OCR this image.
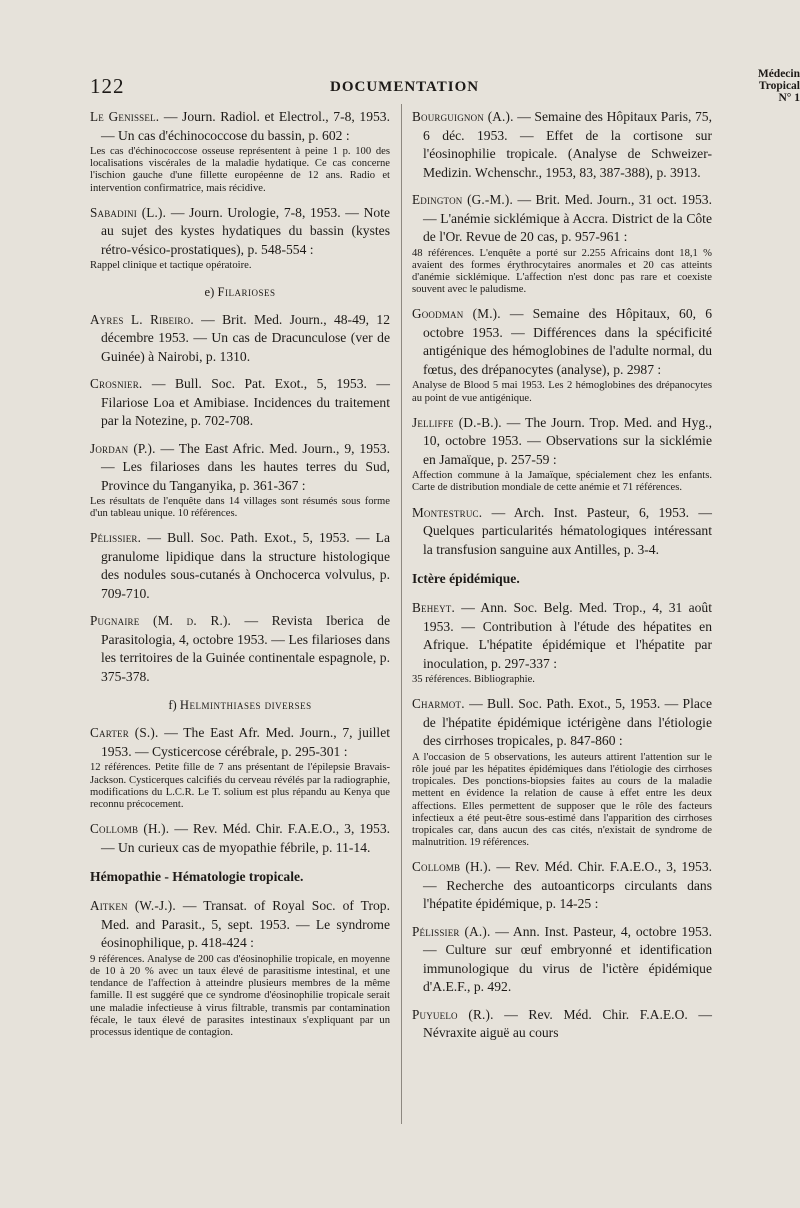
122	DOCUMENTATION
Médecin
Tropical
N° 1
Le Genissel. — Journ. Radiol. et Electrol., 7-8, 1953. — Un cas d'échinococcose du bassin, p. 602 :
Les cas d'échinococcose osseuse représentent à peine 1 p. 100 des localisations viscérales de la maladie hydatique. Ce cas concerne l'ischion gauche d'une fillette européenne de 12 ans. Radio et intervention confirmatrice, mais récidive.
Sabadini (L.). — Journ. Urologie, 7-8, 1953. — Note au sujet des kystes hydatiques du bassin (kystes rétro-vésico-prostatiques), p. 548-554 :
Rappel clinique et tactique opératoire.
e) Filarioses
Ayres L. Ribeiro. — Brit. Med. Journ., 48-49, 12 décembre 1953. — Un cas de Dracunculose (ver de Guinée) à Nairobi, p. 1310.
Crosnier. — Bull. Soc. Pat. Exot., 5, 1953. — Filariose Loa et Amibiase. Incidences du traitement par la Notezine, p. 702-708.
Jordan (P.). — The East Afric. Med. Journ., 9, 1953. — Les filarioses dans les hautes terres du Sud, Province du Tanganyika, p. 361-367 :
Les résultats de l'enquête dans 14 villages sont résumés sous forme d'un tableau unique. 10 références.
Pélissier. — Bull. Soc. Path. Exot., 5, 1953. — La granulome lipidique dans la structure histologique des nodules sous-cutanés à Onchocerca volvulus, p. 709-710.
Pugnaire (M. d. R.). — Revista Iberica de Parasitologia, 4, octobre 1953. — Les filarioses dans les territoires de la Guinée continentale espagnole, p. 375-378.
f) Helminthiases diverses
Carter (S.). — The East Afr. Med. Journ., 7, juillet 1953. — Cysticercose cérébrale, p. 295-301 :
12 références. Petite fille de 7 ans présentant de l'épilepsie Bravais-Jackson. Cysticerques calcifiés du cerveau révélés par la radiographie, modifications du L.C.R. Le T. solium est plus répandu au Kenya que reconnu précocement.
Collomb (H.). — Rev. Méd. Chir. F.A.E.O., 3, 1953. — Un curieux cas de myopathie fébrile, p. 11-14.
Hémopathie - Hématologie tropicale.
Aitken (W.-J.). — Transat. of Royal Soc. of Trop. Med. and Parasit., 5, sept. 1953. — Le syndrome éosinophilique, p. 418-424 :
9 références. Analyse de 200 cas d'éosinophilie tropicale, en moyenne de 10 à 20 % avec un taux élevé de parasitisme intestinal, et une tendance de l'affection à atteindre plusieurs membres de la même famille. Il est suggéré que ce syndrome d'éosinophilie tropicale serait une maladie infectieuse à virus filtrable, transmis par contamination fécale, le taux élevé de parasites intestinaux s'expliquant par un processus identique de contagion.
Bourguignon (A.). — Semaine des Hôpitaux Paris, 75, 6 déc. 1953. — Effet de la cortisone sur l'éosinophilie tropicale. (Analyse de Schweizer-Medizin. Wchenschr., 1953, 83, 387-388), p. 3913.
Edington (G.-M.). — Brit. Med. Journ., 31 oct. 1953. — L'anémie sicklémique à Accra. District de la Côte de l'Or. Revue de 20 cas, p. 957-961 :
48 références. L'enquête a porté sur 2.255 Africains dont 18,1 % avaient des formes érythrocytaires anormales et 20 cas atteints d'anémie sicklémique. L'affection n'est donc pas rare et coexiste souvent avec le paludisme.
Goodman (M.). — Semaine des Hôpitaux, 60, 6 octobre 1953. — Différences dans la spécificité antigénique des hémoglobines de l'adulte normal, du fœtus, des drépanocytes (analyse), p. 2987 :
Analyse de Blood 5 mai 1953. Les 2 hémoglobines des drépanocytes au point de vue antigénique.
Jelliffe (D.-B.). — The Journ. Trop. Med. and Hyg., 10, octobre 1953. — Observations sur la sicklémie en Jamaïque, p. 257-59 :
Affection commune à la Jamaïque, spécialement chez les enfants. Carte de distribution mondiale de cette anémie et 71 références.
Montestruc. — Arch. Inst. Pasteur, 6, 1953. — Quelques particularités hématologiques intéressant la transfusion sanguine aux Antilles, p. 3-4.
Ictère épidémique.
Beheyt. — Ann. Soc. Belg. Med. Trop., 4, 31 août 1953. — Contribution à l'étude des hépatites en Afrique. L'hépatite épidémique et l'hépatite par inoculation, p. 297-337 :
35 références. Bibliographie.
Charmot. — Bull. Soc. Path. Exot., 5, 1953. — Place de l'hépatite épidémique ictérigène dans l'étiologie des cirrhoses tropicales, p. 847-860 :
A l'occasion de 5 observations, les auteurs attirent l'attention sur le rôle joué par les hépatites épidémiques dans l'étiologie des cirrhoses tropicales. Des ponctions-biopsies faites au cours de la maladie mettent en évidence la relation de cause à effet entre les deux affections. Elles permettent de supposer que le rôle des facteurs infectieux a été peut-être sous-estimé dans l'apparition des cirrhoses tropicales car, dans aucun des cas cités, n'existait de syndrome de malnutrition. 19 références.
Collomb (H.). — Rev. Méd. Chir. F.A.E.O., 3, 1953. — Recherche des autoanticorps circulants dans l'hépatite épidémique, p. 14-25 :
Pélissier (A.). — Ann. Inst. Pasteur, 4, octobre 1953. — Culture sur œuf embryonné et identification immunologique du virus de l'ictère épidémique d'A.E.F., p. 492.
Puyuelo (R.). — Rev. Méd. Chir. F.A.E.O. — Névraxite aiguë au cours
